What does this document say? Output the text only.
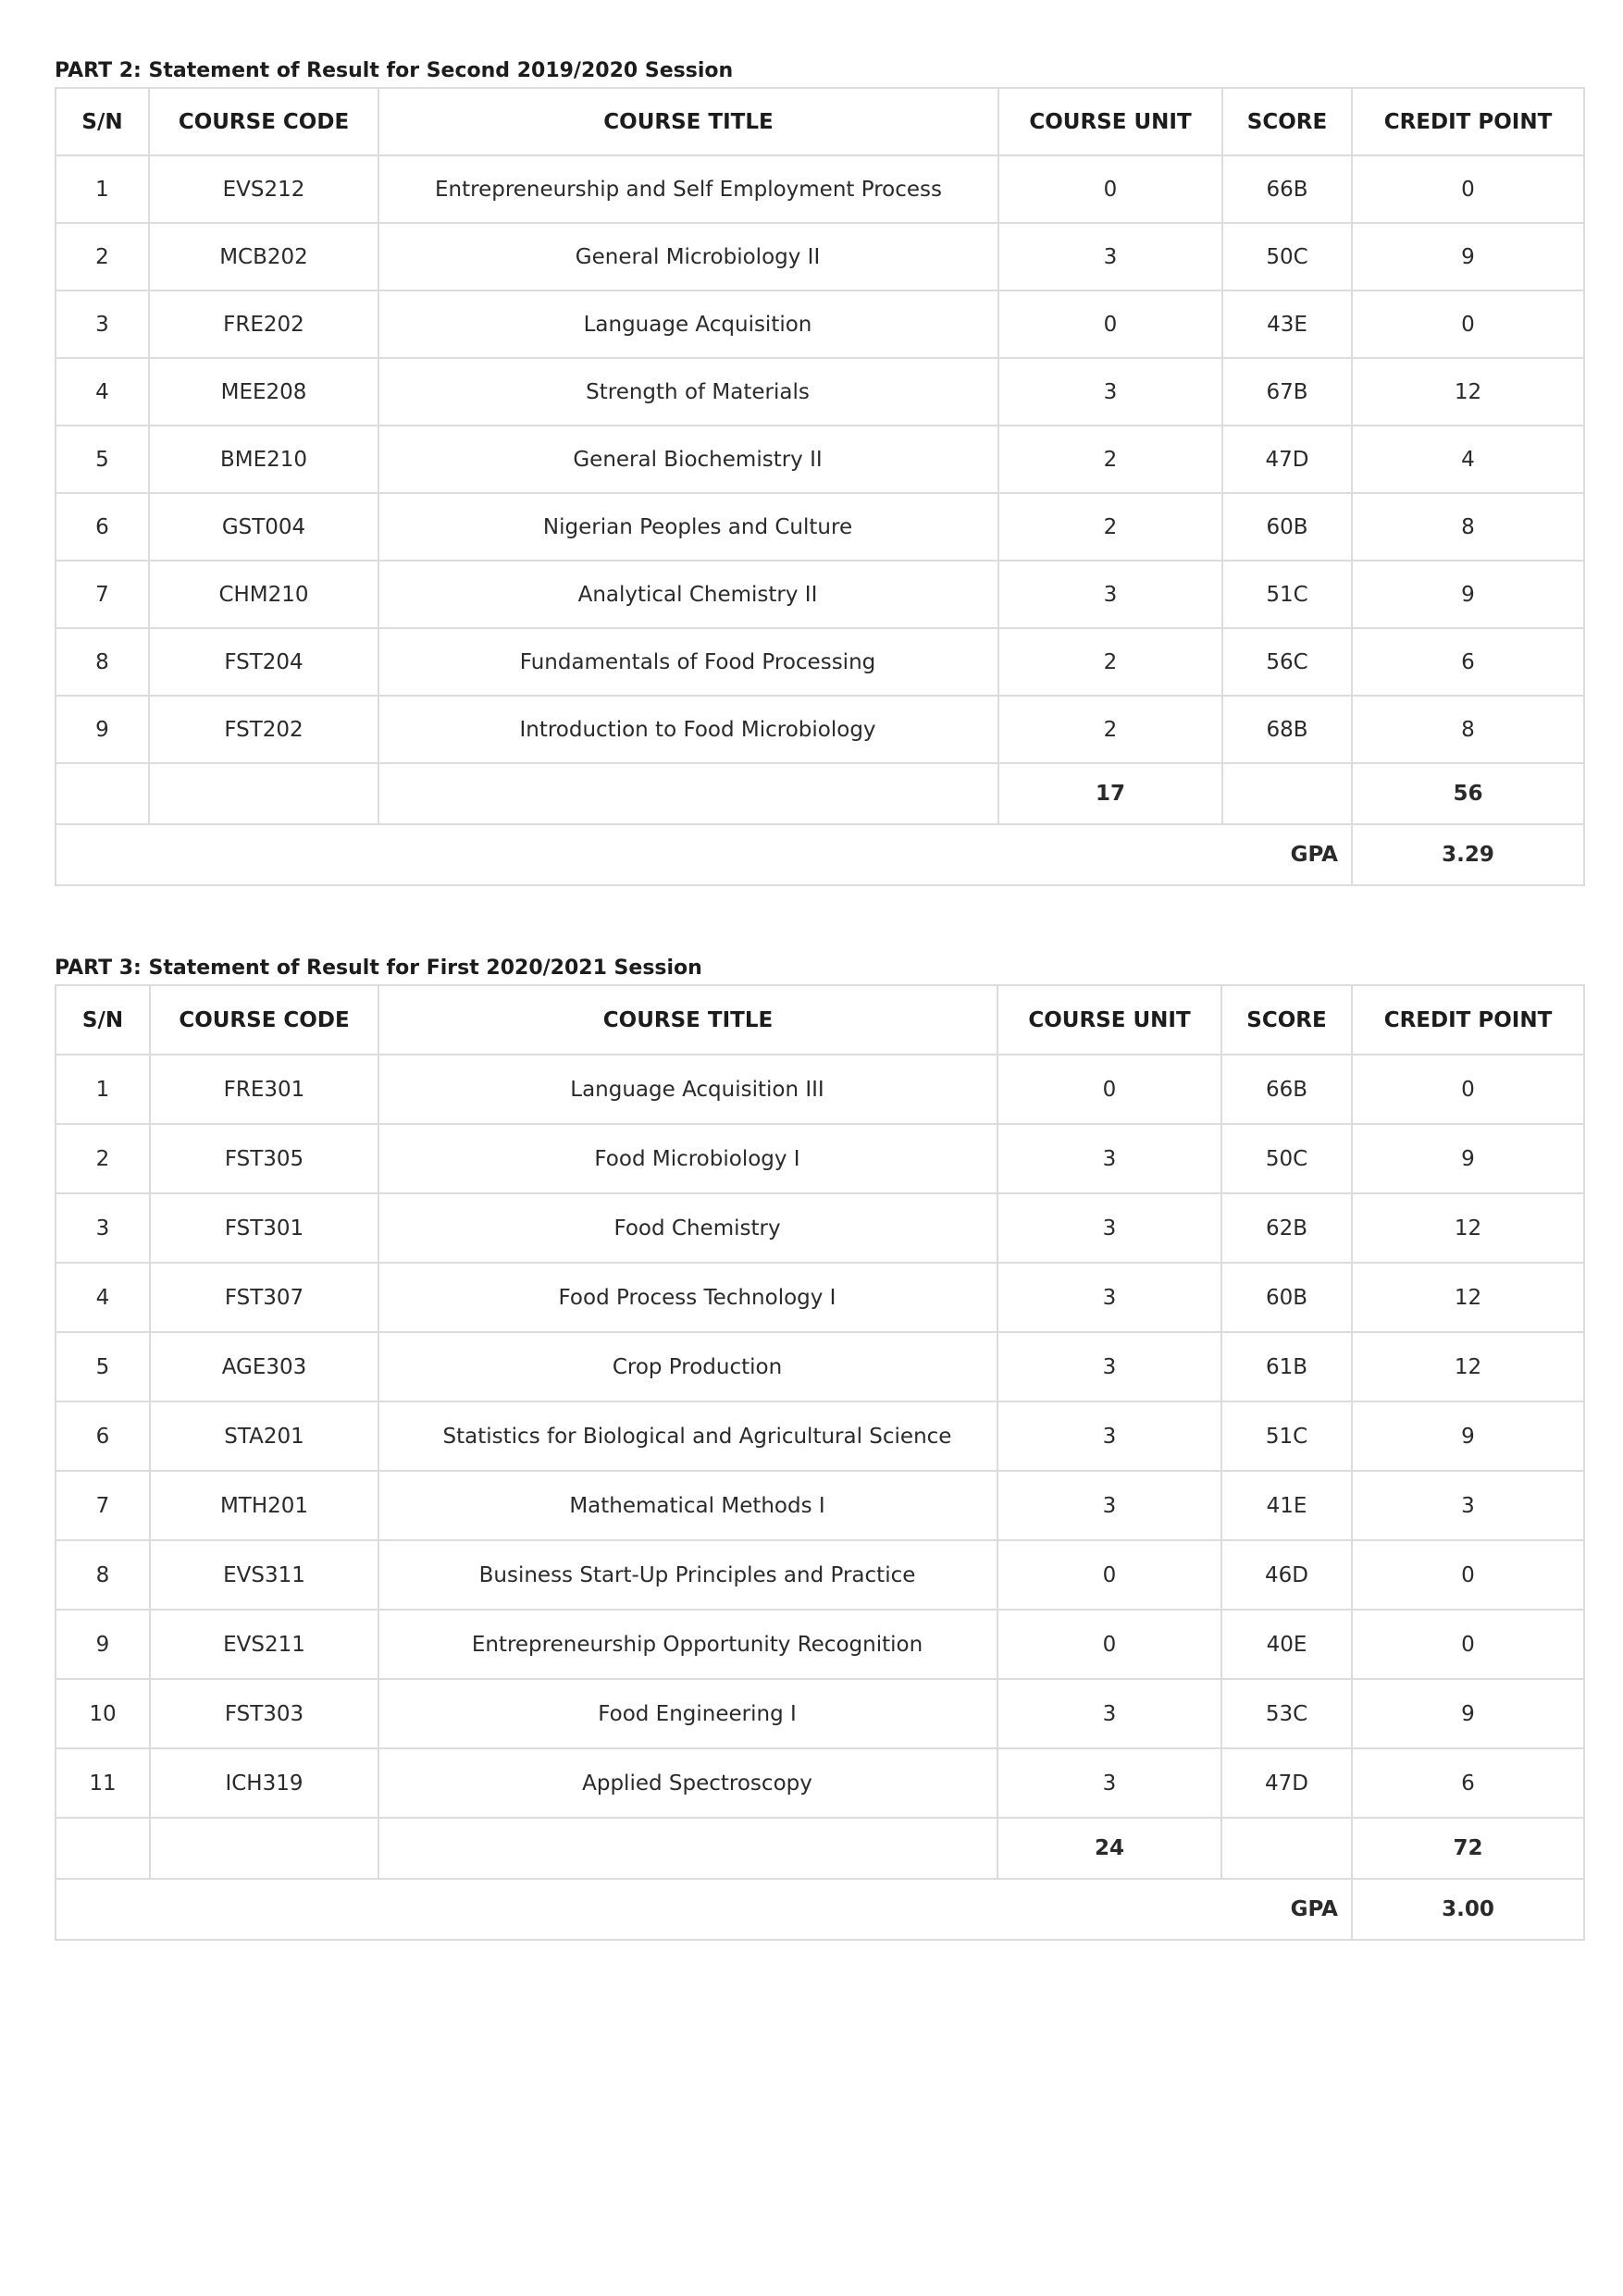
PART 2: Statement of Result for Second 2019/2020 Session
S/N	COURSE CODE	COURSE TITLE	COURSE UNIT	SCORE	CREDIT POINT
1	EVS212	Entrepreneurship and Self Employment Process	0	66B	0
2	MCB202	General Microbiology II	3	50C	9
3	FRE202	Language Acquisition	0	43E	0
4	MEE208	Strength of Materials	3	67B	12
5	BME210	General Biochemistry II	2	47D	4
6	GST004	Nigerian Peoples and Culture	2	60B	8
7	CHM210	Analytical Chemistry II	3	51C	9
8	FST204	Fundamentals of Food Processing	2	56C	6
9	FST202	Introduction to Food Microbiology	2	68B	8
			17		56
GPA					3.29
PART 3: Statement of Result for First 2020/2021 Session
S/N	COURSE CODE	COURSE TITLE	COURSE UNIT	SCORE	CREDIT POINT
1	FRE301	Language Acquisition III	0	66B	0
2	FST305	Food Microbiology I	3	50C	9
3	FST301	Food Chemistry	3	62B	12
4	FST307	Food Process Technology I	3	60B	12
5	AGE303	Crop Production	3	61B	12
6	STA201	Statistics for Biological and Agricultural Science	3	51C	9
7	MTH201	Mathematical Methods I	3	41E	3
8	EVS311	Business Start-Up Principles and Practice	0	46D	0
9	EVS211	Entrepreneurship Opportunity Recognition	0	40E	0
10	FST303	Food Engineering I	3	53C	9
11	ICH319	Applied Spectroscopy	3	47D	6
			24		72
GPA					3.00
